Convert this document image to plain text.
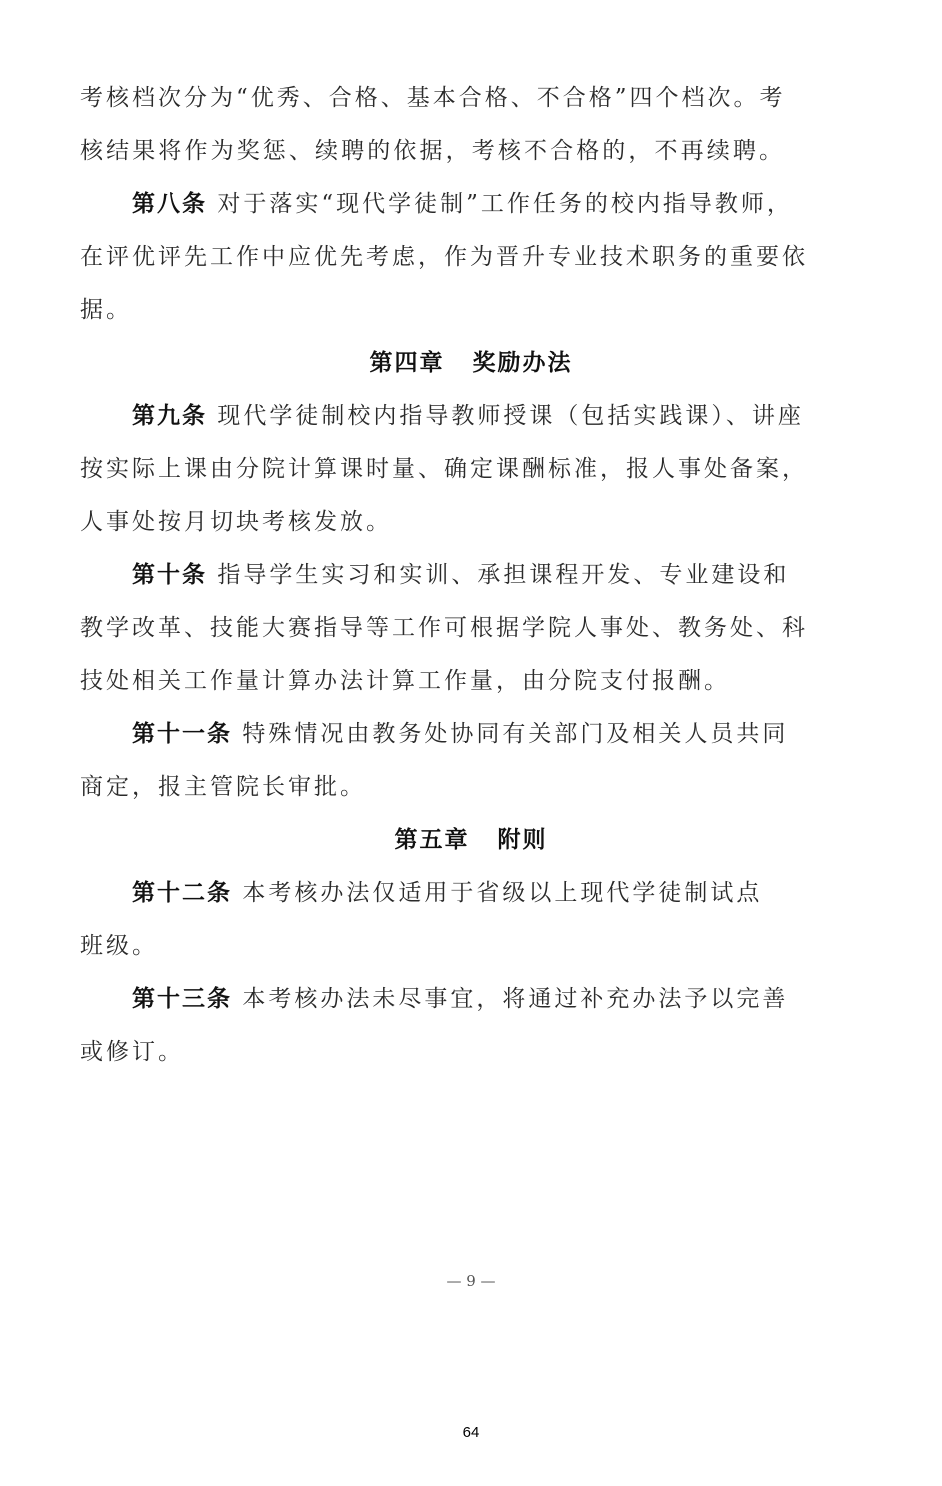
考核档次分为“优秀、合格、基本合格、不合格”四个档次。考
核结果将作为奖惩、续聘的依据，考核不合格的，不再续聘。
第八条 对于落实“现代学徒制”工作任务的校内指导教师，
在评优评先工作中应优先考虑，作为晋升专业技术职务的重要依
据。
第四章 奖励办法
第九条 现代学徒制校内指导教师授课（包括实践课）、讲座
按实际上课由分院计算课时量、确定课酬标准，报人事处备案，
人事处按月切块考核发放。
第十条 指导学生实习和实训、承担课程开发、专业建设和
教学改革、技能大赛指导等工作可根据学院人事处、教务处、科
技处相关工作量计算办法计算工作量，由分院支付报酬。
第十一条 特殊情况由教务处协同有关部门及相关人员共同
商定，报主管院长审批。
第五章 附则
第十二条 本考核办法仅适用于省级以上现代学徒制试点
班级。
第十三条 本考核办法未尽事宜，将通过补充办法予以完善
或修订。
— 9 —
64
